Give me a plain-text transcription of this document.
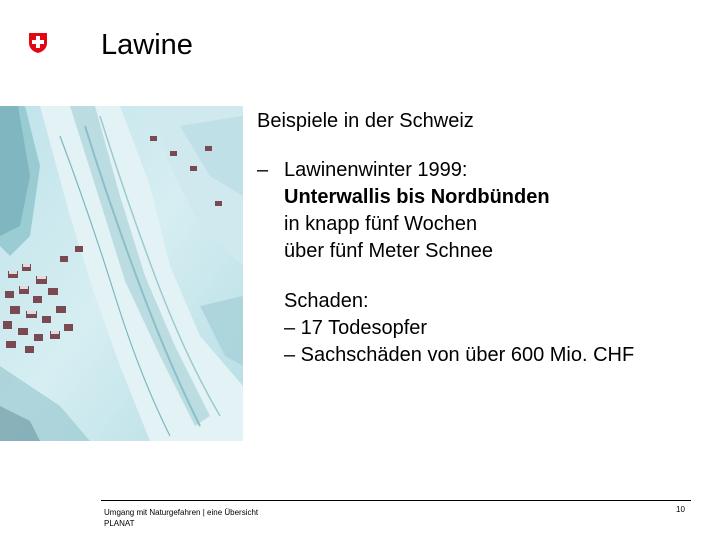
Lawine
Beispiele in der Schweiz
– Lawinenwinter 1999:
Unterwallis bis Nordbünden
in knapp fünf Wochen
über fünf Meter Schnee
Schaden:
– 17 Todesopfer
– Sachschäden von über 600 Mio. CHF
Umgang mit Naturgefahren | eine Übersicht
PLANAT
10
